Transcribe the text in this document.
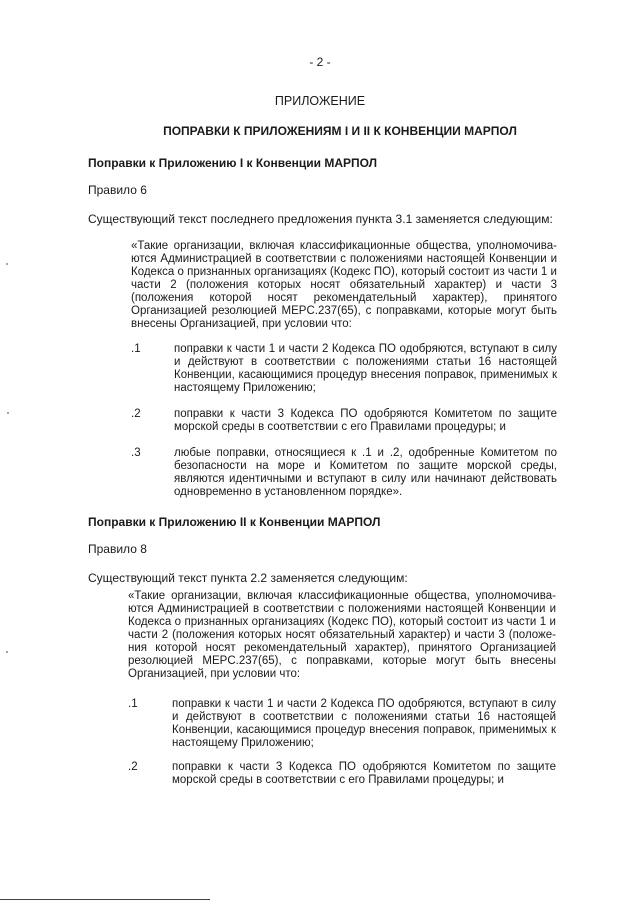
- 2 -
ПРИЛОЖЕНИЕ
ПОПРАВКИ К ПРИЛОЖЕНИЯМ I И II К КОНВЕНЦИИ МАРПОЛ
Поправки к Приложению I к Конвенции МАРПОЛ
Правило 6
Существующий текст последнего предложения пункта 3.1 заменяется следующим:
«Такие организации, включая классификационные общества, уполномочиваются Администрацией в соответствии с положениями настоящей Конвенции и Кодекса о признанных организациях (Кодекс ПО), который состоит из части 1 и части 2 (положения которых носят обязательный характер) и части 3 (положения которой носят рекомендательный характер), принятого Организацией резолюцией MEPC.237(65), с поправками, которые могут быть внесены Организацией, при условии что:
.1	поправки к части 1 и части 2 Кодекса ПО одобряются, вступают в силу и действуют в соответствии с положениями статьи 16 настоящей Конвенции, касающимися процедур внесения поправок, применимых к настоящему Приложению;
.2	поправки к части 3 Кодекса ПО одобряются Комитетом по защите морской среды в соответствии с его Правилами процедуры; и
.3	любые поправки, относящиеся к .1 и .2, одобренные Комитетом по безопасности на море и Комитетом по защите морской среды, являются идентичными и вступают в силу или начинают действовать одновременно в установленном порядке».
Поправки к Приложению II к Конвенции МАРПОЛ
Правило 8
Существующий текст пункта 2.2 заменяется следующим:
«Такие организации, включая классификационные общества, уполномочиваются Администрацией в соответствии с положениями настоящей Конвенции и Кодекса о признанных организациях (Кодекс ПО), который состоит из части 1 и части 2 (положения которых носят обязательный характер) и части 3 (положения которой носят рекомендательный характер), принятого Организацией резолюцией MEPC.237(65), с поправками, которые могут быть внесены Организацией, при условии что:
.1	поправки к части 1 и части 2 Кодекса ПО одобряются, вступают в силу и действуют в соответствии с положениями статьи 16 настоящей Конвенции, касающимися процедур внесения поправок, применимых к настоящему Приложению;
.2	поправки к части 3 Кодекса ПО одобряются Комитетом по защите морской среды в соответствии с его Правилами процедуры; и
